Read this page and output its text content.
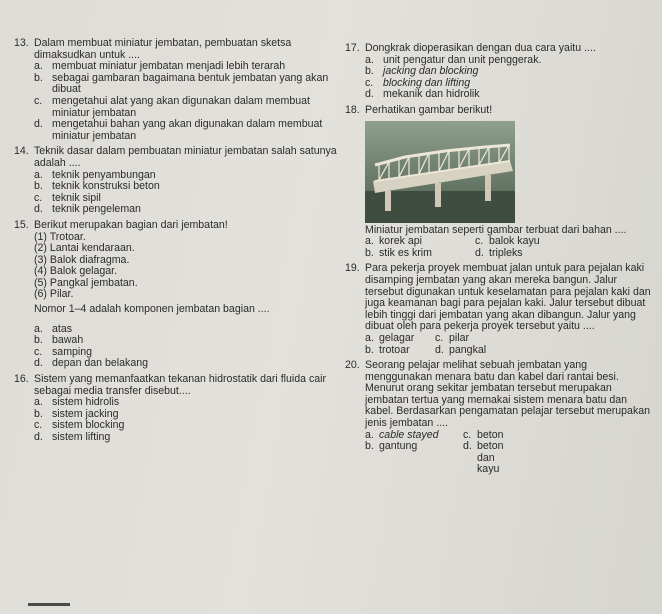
13. Dalam membuat miniatur jembatan, pembuatan sketsa dimaksudkan untuk ....
a. membuat miniatur jembatan menjadi lebih terarah
b. sebagai gambaran bagaimana bentuk jembatan yang akan dibuat
c. mengetahui alat yang akan digunakan dalam membuat miniatur jembatan
d. mengetahui bahan yang akan digunakan dalam membuat miniatur jembatan
14. Teknik dasar dalam pembuatan miniatur jembatan salah satunya adalah ....
a. teknik penyambungan
b. teknik konstruksi beton
c. teknik sipil
d. teknik pengeleman
15. Berikut merupakan bagian dari jembatan!
(1) Trotoar.
(2) Lantai kendaraan.
(3) Balok diafragma.
(4) Balok gelagar.
(5) Pangkal jembatan.
(6) Pilar.
Nomor 1–4 adalah komponen jembatan bagian ....
a. atas
b. bawah
c. samping
d. depan dan belakang
16. Sistem yang memanfaatkan tekanan hidrostatik dari fluida cair sebagai media transfer disebut....
a. sistem hidrolis
b. sistem jacking
c. sistem blocking
d. sistem lifting
17. Dongkrak dioperasikan dengan dua cara yaitu ....
a. unit pengatur dan unit penggerak.
b. jacking dan blocking
c. blocking dan lifting
d. mekanik dan hidrolik
18. Perhatikan gambar berikut!
Miniatur jembatan seperti gambar terbuat dari bahan ....
a. korek api	c. balok kayu
b. stik es krim	d. tripleks
19. Para pekerja proyek membuat jalan untuk para pejalan kaki disamping jembatan yang akan mereka bangun. Jalur tersebut digunakan untuk keselamatan para pejalan kaki dan juga keamanan bagi para pejalan kaki. Jalur tersebut dibuat lebih tinggi dari jembatan yang akan dibangun. Jalur yang dibuat oleh para pekerja proyek tersebut yaitu ....
a. gelagar c. pilar
b. trotoar d. pangkal
20. Seorang pelajar melihat sebuah jembatan yang menggunakan menara batu dan kabel dari rantai besi. Menurut orang sekitar jembatan tersebut merupakan jembatan tertua yang memakai sistem menara batu dan kabel. Berdasarkan pengamatan pelajar tersebut merupakan jenis jembatan ....
a. cable stayed c. beton
b. gantung	d. beton dan kayu
